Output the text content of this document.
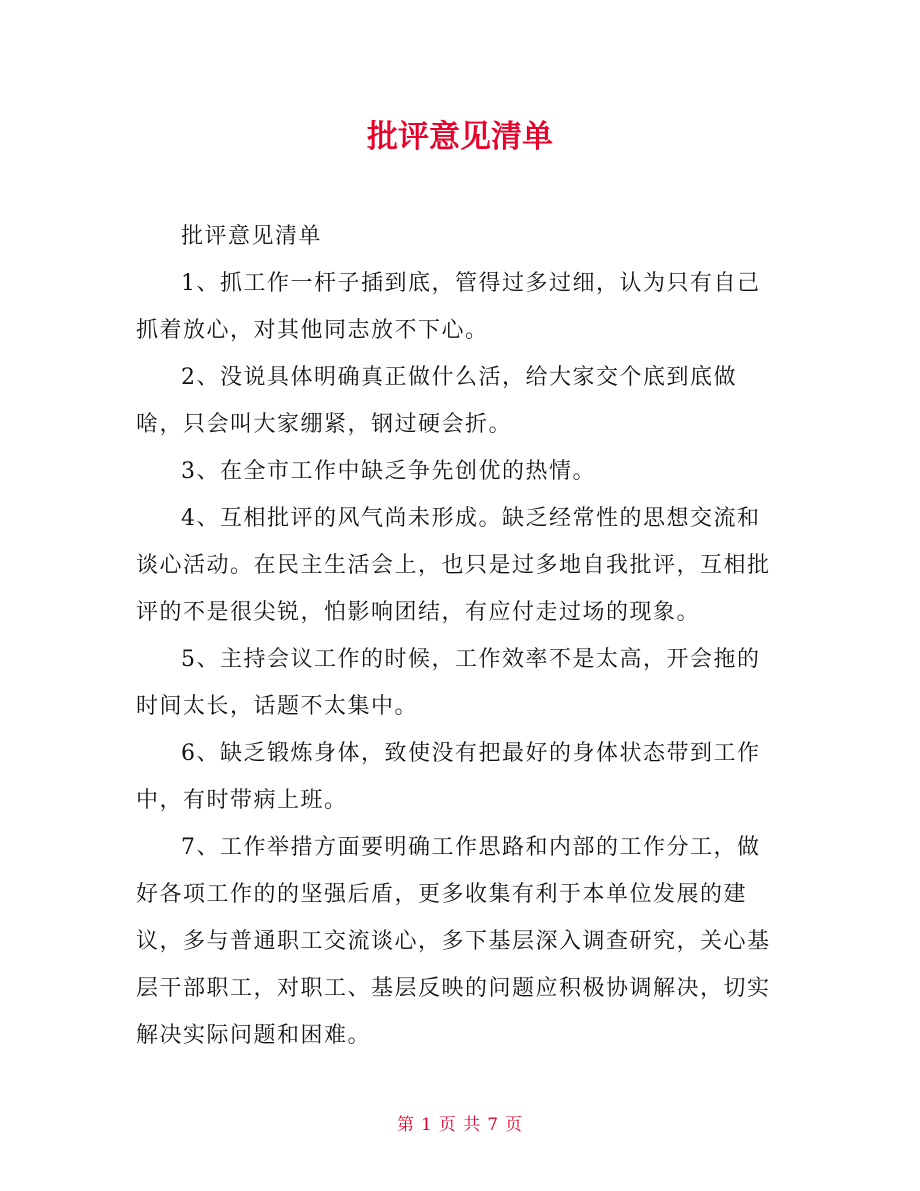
批评意见清单

批评意见清单

1、抓工作一杆子插到底，管得过多过细，认为只有自己抓着放心，对其他同志放不下心。

2、没说具体明确真正做什么活，给大家交个底到底做啥，只会叫大家绷紧，钢过硬会折。

3、在全市工作中缺乏争先创优的热情。

4、互相批评的风气尚未形成。缺乏经常性的思想交流和谈心活动。在民主生活会上，也只是过多地自我批评，互相批评的不是很尖锐，怕影响团结，有应付走过场的现象。

5、主持会议工作的时候，工作效率不是太高，开会拖的时间太长，话题不太集中。

6、缺乏锻炼身体，致使没有把最好的身体状态带到工作中，有时带病上班。

7、工作举措方面要明确工作思路和内部的工作分工，做好各项工作的的坚强后盾，更多收集有利于本单位发展的建议，多与普通职工交流谈心，多下基层深入调查研究，关心基层干部职工，对职工、基层反映的问题应积极协调解决，切实解决实际问题和困难。

第 1 页 共 7 页
